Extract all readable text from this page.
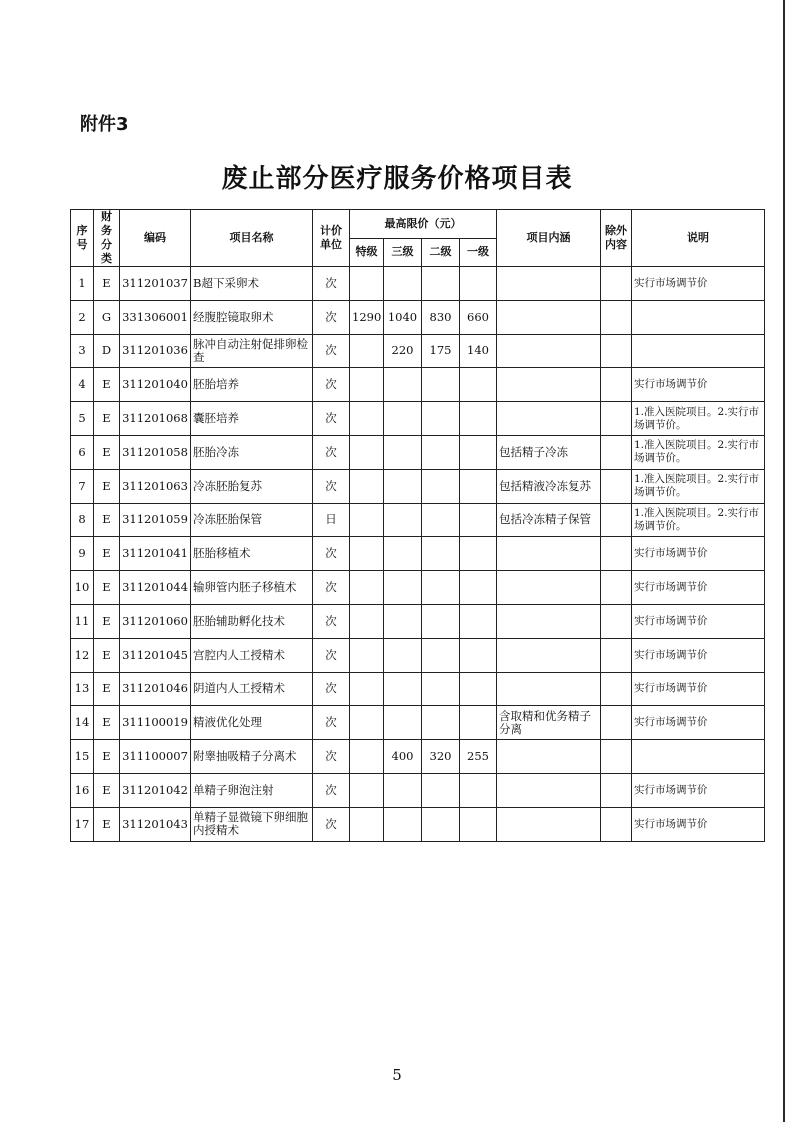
附件3
废止部分医疗服务价格项目表
序号	财务分类	编码	项目名称	计价单位	最高限价（元）				项目内涵	除外内容	说明
					特级	三级	二级	一级			
1	E	311201037	B超下采卵术	次							实行市场调节价
2	G	331306001	经腹腔镜取卵术	次	1290	1040	830	660			
3	D	311201036	脉冲自动注射促排卵检查	次		220	175	140			
4	E	311201040	胚胎培养	次							实行市场调节价
5	E	311201068	囊胚培养	次							1.准入医院项目。2.实行市场调节价。
6	E	311201058	胚胎冷冻	次					包括精子冷冻		1.准入医院项目。2.实行市场调节价。
7	E	311201063	冷冻胚胎复苏	次					包括精液冷冻复苏		1.准入医院项目。2.实行市场调节价。
8	E	311201059	冷冻胚胎保管	日					包括冷冻精子保管		1.准入医院项目。2.实行市场调节价。
9	E	311201041	胚胎移植术	次							实行市场调节价
10	E	311201044	输卵管内胚子移植术	次							实行市场调节价
11	E	311201060	胚胎辅助孵化技术	次							实行市场调节价
12	E	311201045	宫腔内人工授精术	次							实行市场调节价
13	E	311201046	阴道内人工授精术	次							实行市场调节价
14	E	311100019	精液优化处理	次					含取精和优务精子分离		实行市场调节价
15	E	311100007	附睾抽吸精子分离术	次		400	320	255			
16	E	311201042	单精子卵泡注射	次							实行市场调节价
17	E	311201043	单精子显微镜下卵细胞内授精术	次							实行市场调节价
5
